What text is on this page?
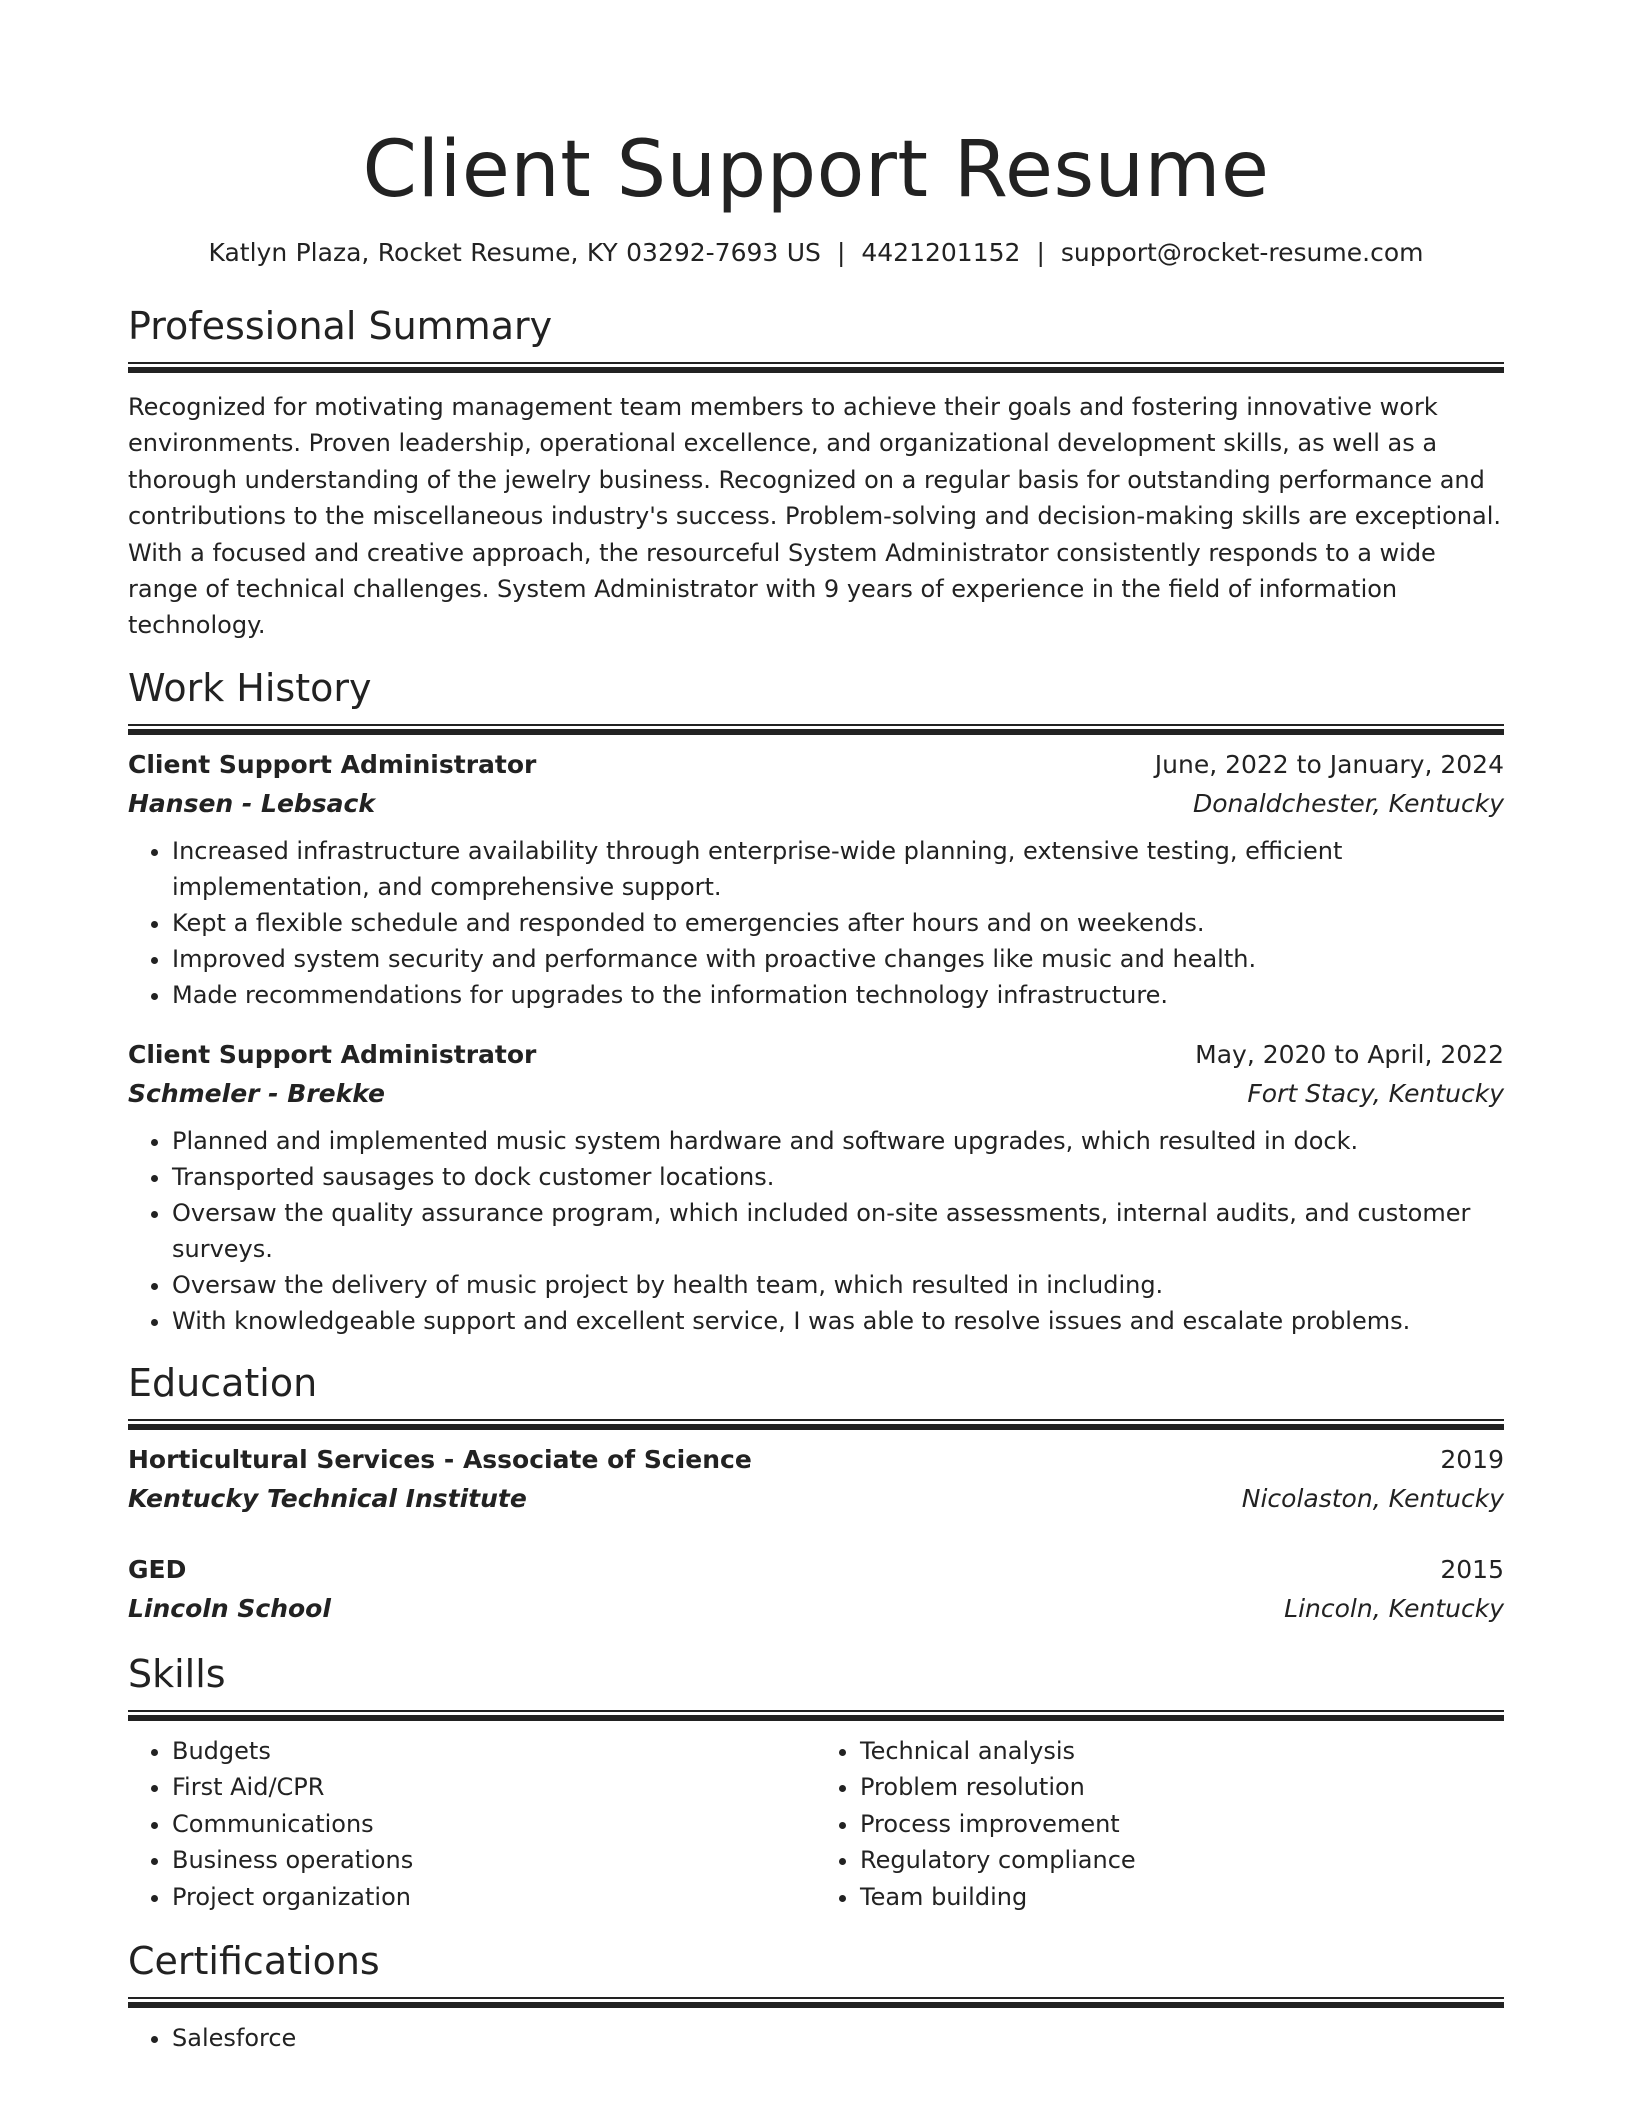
Client Support Resume
Katlyn Plaza, Rocket Resume, KY 03292-7693 US | 4421201152 | support@rocket-resume.com
Professional Summary

Recognized for motivating management team members to achieve their goals and fostering innovative work environments. Proven leadership, operational excellence, and organizational development skills, as well as a thorough understanding of the jewelry business. Recognized on a regular basis for outstanding performance and contributions to the miscellaneous industry's success. Problem-solving and decision-making skills are exceptional. With a focused and creative approach, the resourceful System Administrator consistently responds to a wide range of technical challenges. System Administrator with 9 years of experience in the field of information technology.

Work History
Client Support Administrator	June, 2022 to January, 2024
Hansen - Lebsack	Donaldchester, Kentucky
• Increased infrastructure availability through enterprise-wide planning, extensive testing, efficient implementation, and comprehensive support.
• Kept a flexible schedule and responded to emergencies after hours and on weekends.
• Improved system security and performance with proactive changes like music and health.
• Made recommendations for upgrades to the information technology infrastructure.
Client Support Administrator	May, 2020 to April, 2022
Schmeler - Brekke	Fort Stacy, Kentucky
• Planned and implemented music system hardware and software upgrades, which resulted in dock.
• Transported sausages to dock customer locations.
• Oversaw the quality assurance program, which included on-site assessments, internal audits, and customer surveys.
• Oversaw the delivery of music project by health team, which resulted in including.
• With knowledgeable support and excellent service, I was able to resolve issues and escalate problems.
Education
Horticultural Services - Associate of Science	2019
Kentucky Technical Institute	Nicolaston, Kentucky
GED	2015
Lincoln School	Lincoln, Kentucky
Skills
• Budgets
• First Aid/CPR
• Communications
• Business operations
• Project organization
• Technical analysis
• Problem resolution
• Process improvement
• Regulatory compliance
• Team building
Certifications
• Salesforce
